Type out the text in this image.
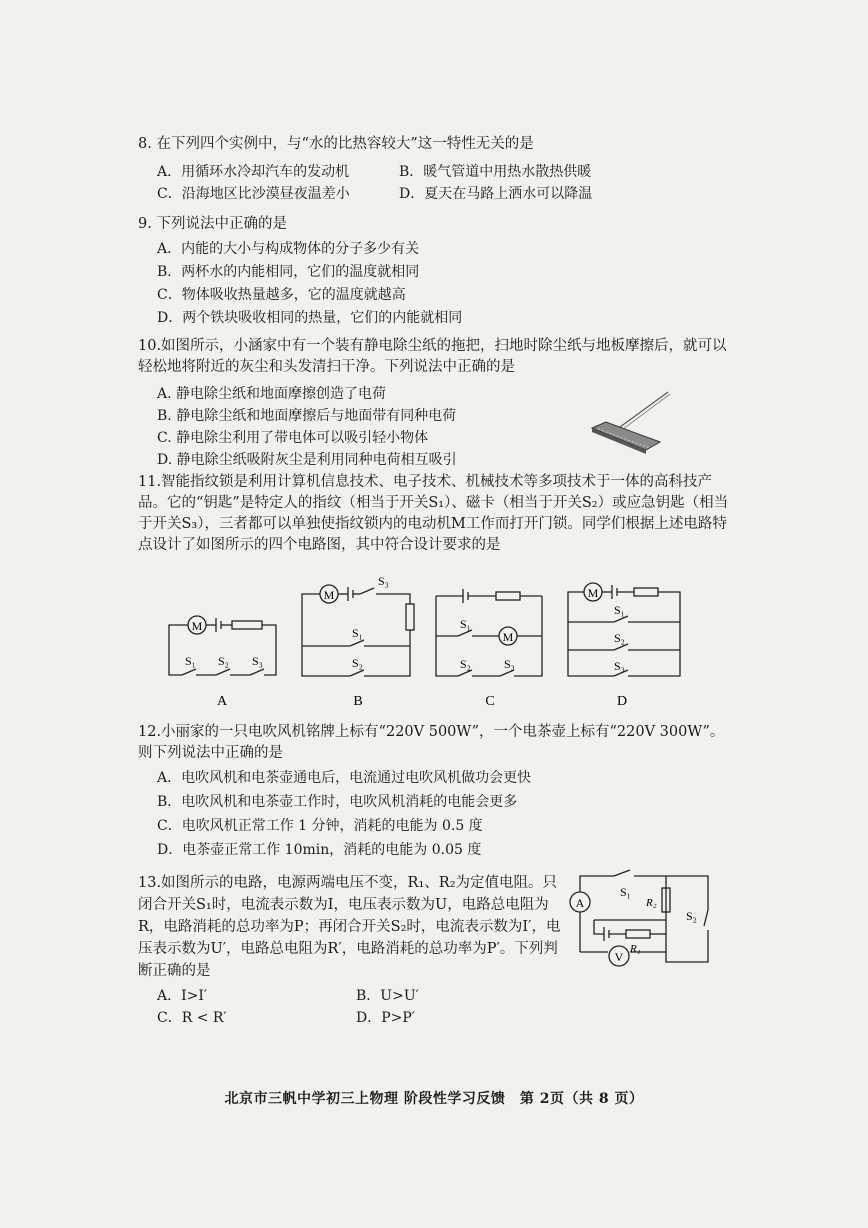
8. 在下列四个实例中，与“水的比热容较大”这一特性无关的是
A．用循环水冷却汽车的发动机	B．暖气管道中用热水散热供暖
C．沿海地区比沙漠昼夜温差小	D．夏天在马路上洒水可以降温
9. 下列说法中正确的是
A．内能的大小与构成物体的分子多少有关
B．两杯水的内能相同，它们的温度就相同
C．物体吸收热量越多，它的温度就越高
D．两个铁块吸收相同的热量，它们的内能就相同
10.如图所示，小涵家中有一个装有静电除尘纸的拖把，扫地时除尘纸与地板摩擦后，就可以轻松地将附近的灰尘和头发清扫干净。下列说法中正确的是
A. 静电除尘纸和地面摩擦创造了电荷
B. 静电除尘纸和地面摩擦后与地面带有同种电荷
C. 静电除尘利用了带电体可以吸引轻小物体
D. 静电除尘纸吸附灰尘是利用同种电荷相互吸引
11.智能指纹锁是利用计算机信息技术、电子技术、机械技术等多项技术于一体的高科技产品。它的“钥匙”是特定人的指纹（相当于开关S₁）、磁卡（相当于开关S₂）或应急钥匙（相当于开关S₃），三者都可以单独使指纹锁内的电动机M工作而打开门锁。同学们根据上述电路特点设计了如图所示的四个电路图，其中符合设计要求的是
M
S₁ S₂ S₃
A
M
S₃
S₁
S₂
B
M
S₁
S₂	S₃
C
M
S₁
S₂
S₃
D
12.小丽家的一只电吹风机铭牌上标有“220V 500W”，一个电茶壶上标有“220V 300W”。则下列说法中正确的是
A．电吹风机和电茶壶通电后，电流通过电吹风机做功会更快
B．电吹风机和电茶壶工作时，电吹风机消耗的电能会更多
C．电吹风机正常工作 1 分钟，消耗的电能为 0.5 度
D．电茶壶正常工作 10min，消耗的电能为 0.05 度
13.如图所示的电路，电源两端电压不变，R₁、R₂为定值电阻。只闭合开关S₁时，电流表示数为I，电压表示数为U，电路总电阻为R，电路消耗的总功率为P；再闭合开关S₂时，电流表示数为I′，电压表示数为U′，电路总电阻为R′，电路消耗的总功率为P′。下列判断正确的是
A．I>I′	B．U>U′
C．R < R′	D．P>P′
A
V
S₁
S₂
R₂
R₁
北京市三帆中学初三上物理 阶段性学习反馈　第 2页（共 8 页）
